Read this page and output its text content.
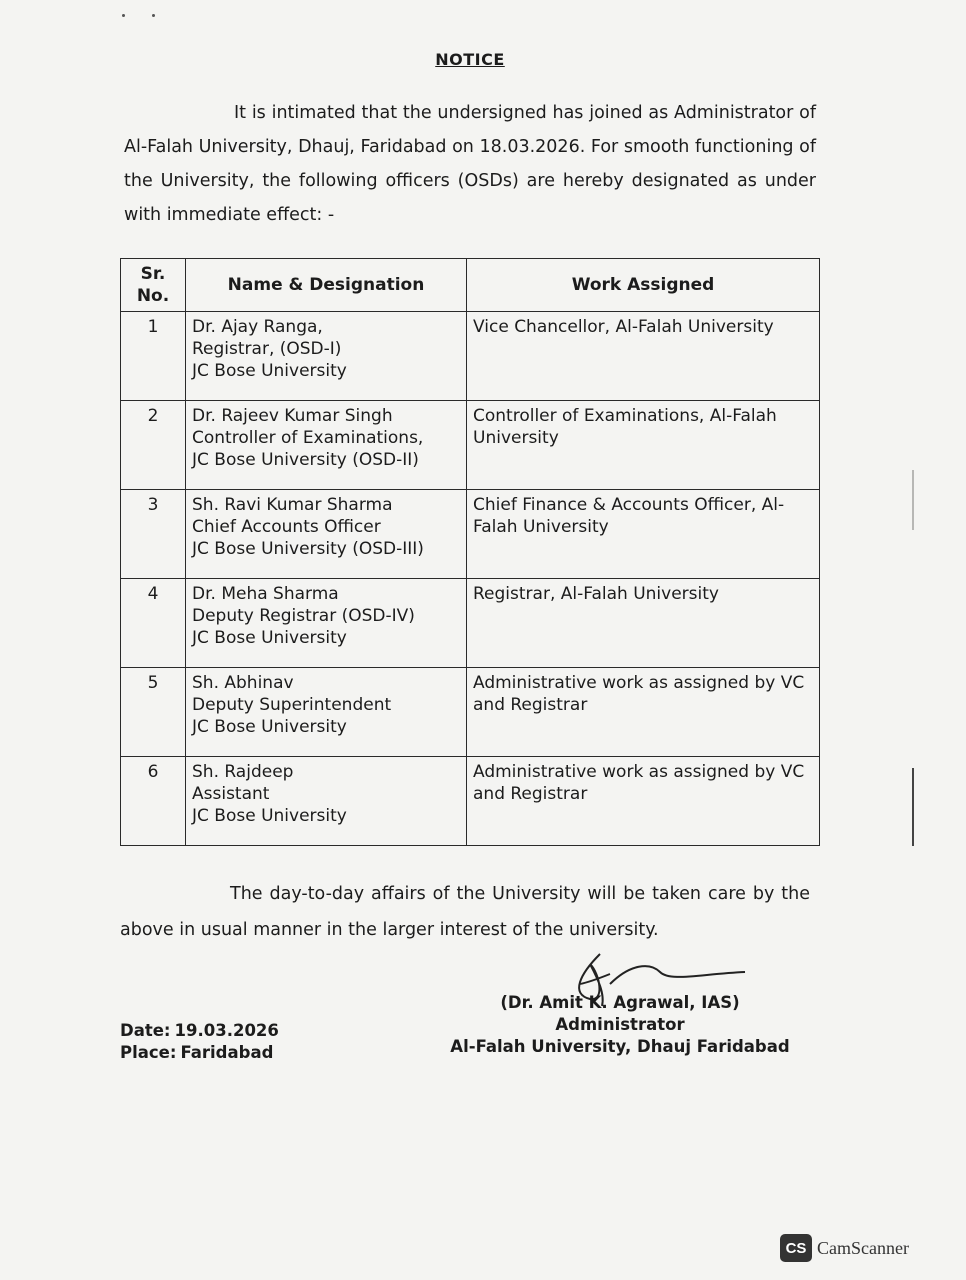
NOTICE
It is intimated that the undersigned has joined as Administrator of Al-Falah University, Dhauj, Faridabad on 18.03.2026. For smooth functioning of the University, the following officers (OSDs) are hereby designated as under with immediate effect: -
Sr. No.	Name & Designation	Work Assigned
1	Dr. Ajay Ranga,
Registrar, (OSD-I)
JC Bose University	Vice Chancellor, Al-Falah University
2	Dr. Rajeev Kumar Singh
Controller of Examinations,
JC Bose University (OSD-II)	Controller of Examinations, Al-Falah University
3	Sh. Ravi Kumar Sharma
Chief Accounts Officer
JC Bose University (OSD-III)	Chief Finance & Accounts Officer, Al-Falah University
4	Dr. Meha Sharma
Deputy Registrar (OSD-IV)
JC Bose University	Registrar, Al-Falah University
5	Sh. Abhinav
Deputy Superintendent
JC Bose University	Administrative work as assigned by VC and Registrar
6	Sh. Rajdeep
Assistant
JC Bose University	Administrative work as assigned by VC and Registrar
The day-to-day affairs of the University will be taken care by the above in usual manner in the larger interest of the university.
(Dr. Amit K. Agrawal, IAS)
Administrator
Al-Falah University, Dhauj Faridabad
Date: 19.03.2026
Place: Faridabad
CS CamScanner
